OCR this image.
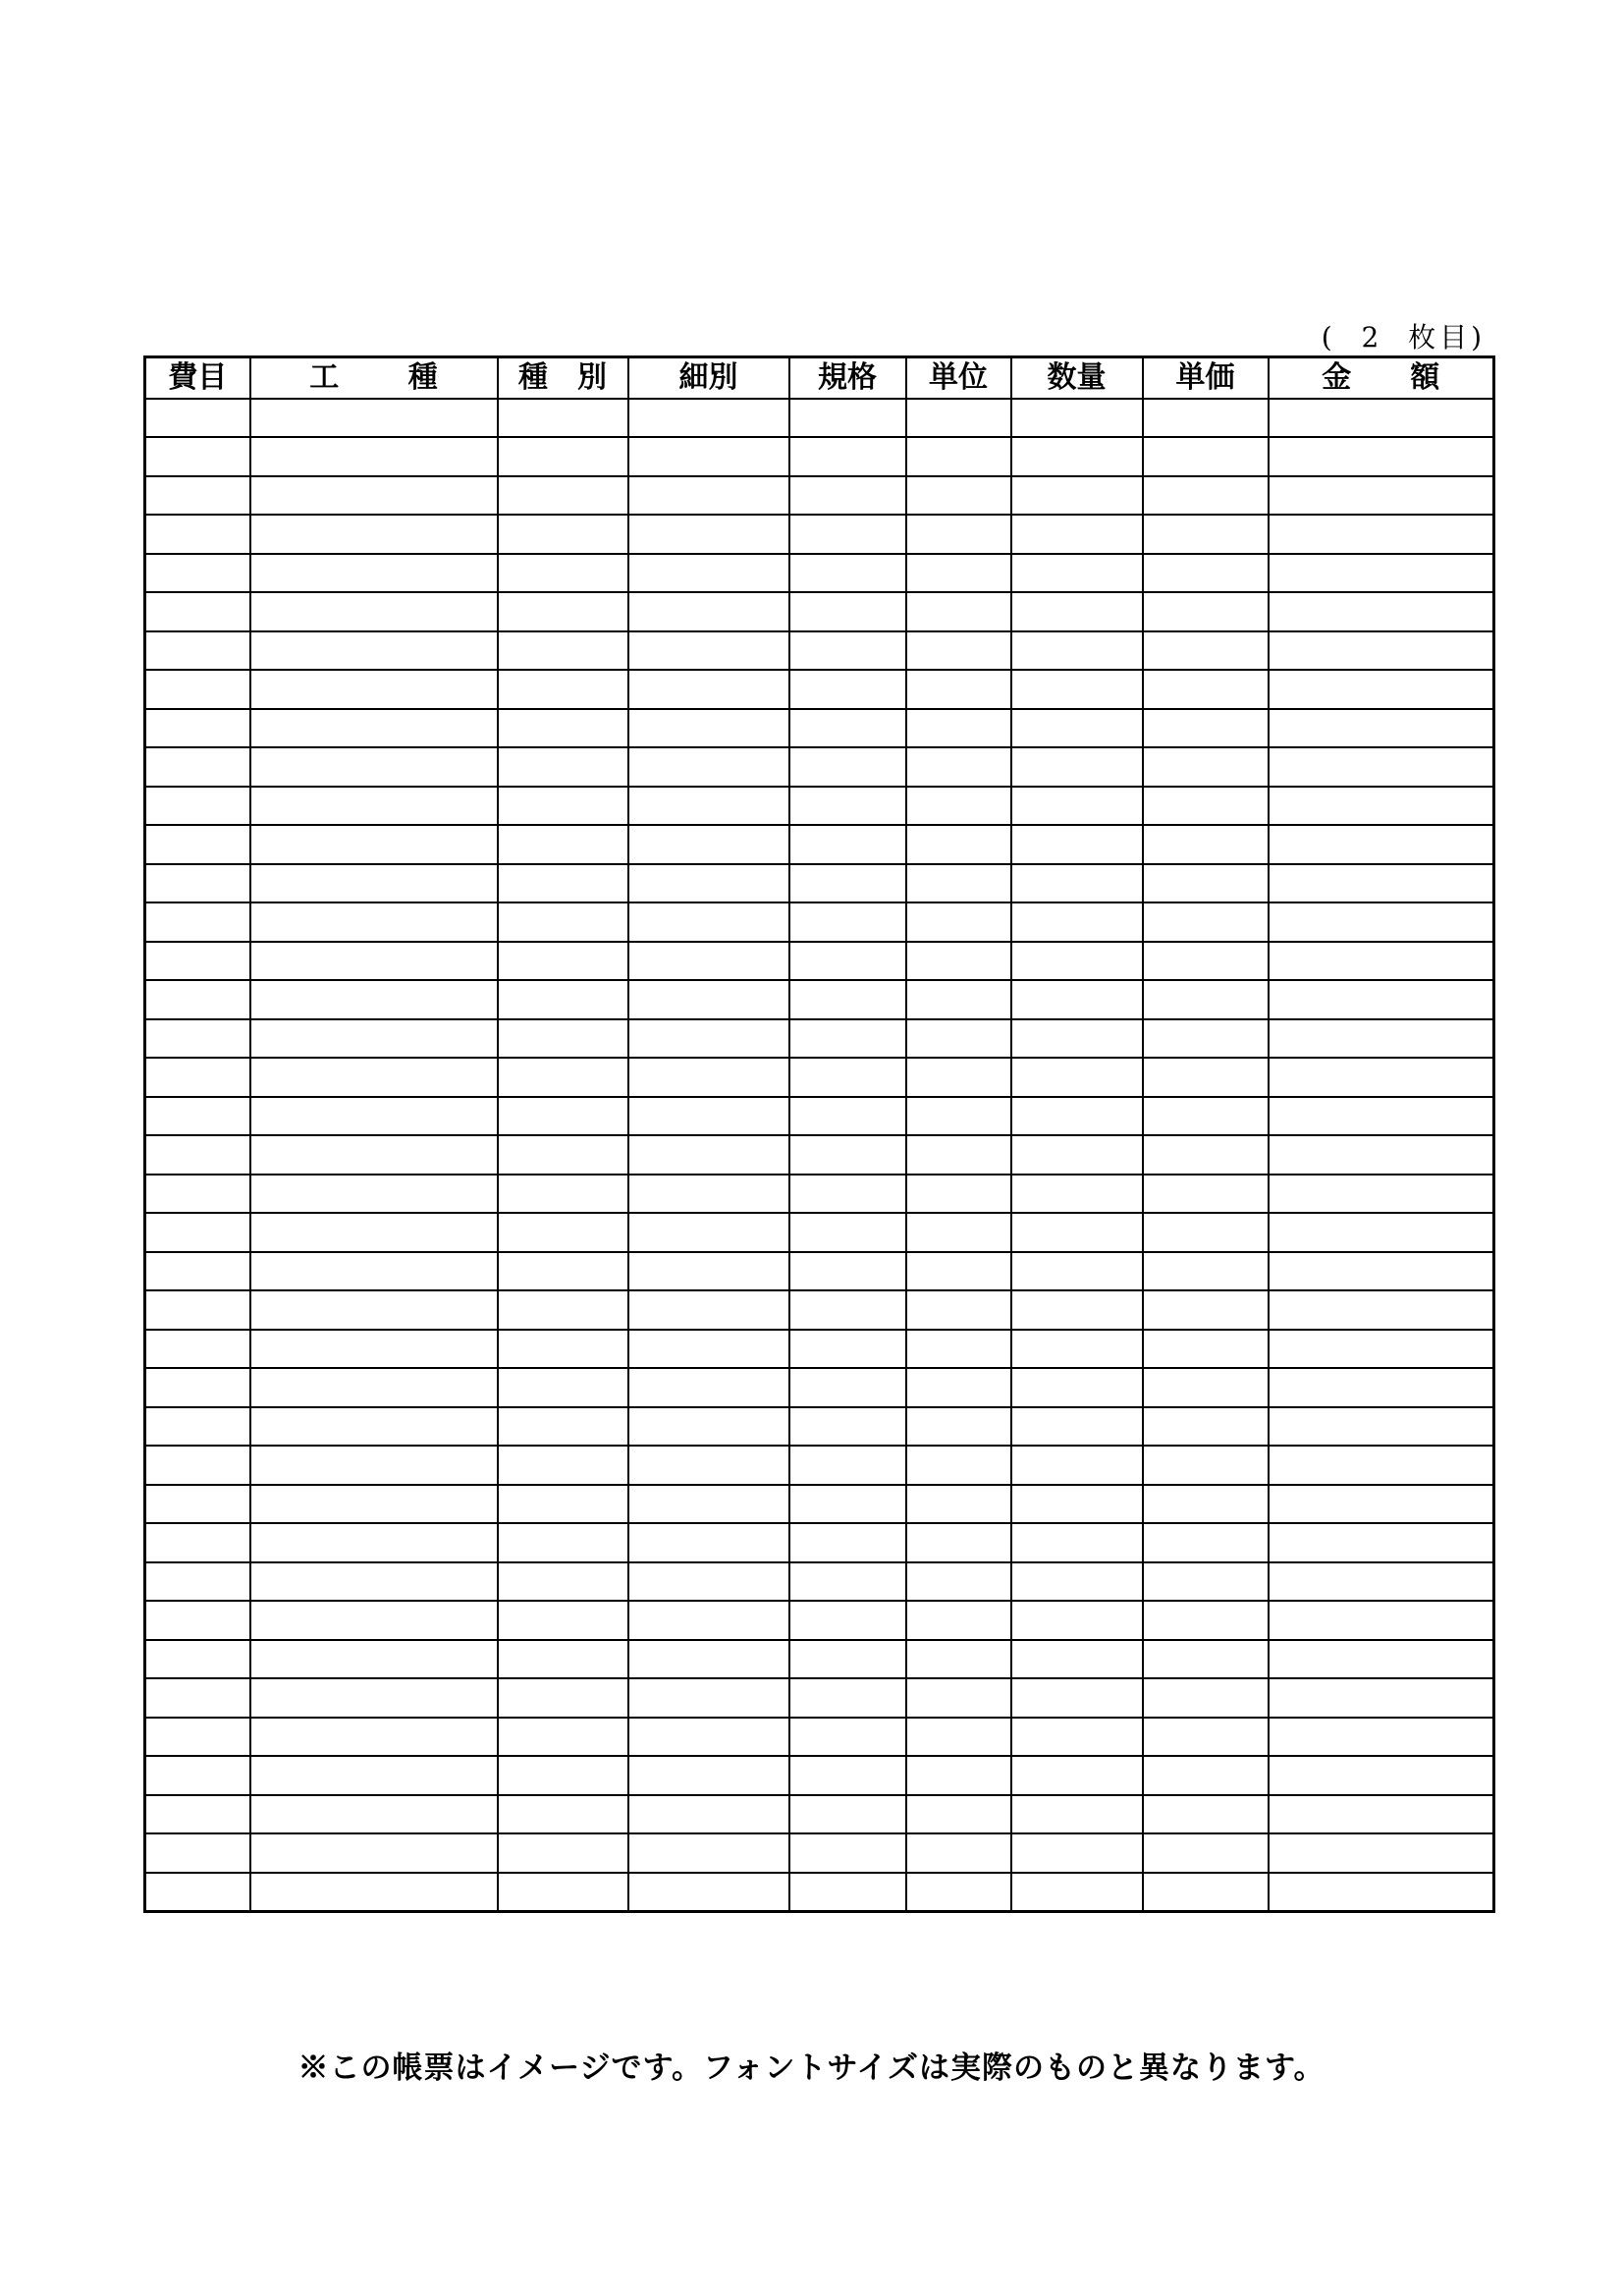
(  2  枚目)
費目	工　　 種	種　別	細別	規格	単位	数量	単価	金　　額

※この帳票はイメージです。フォントサイズは実際のものと異なります。
